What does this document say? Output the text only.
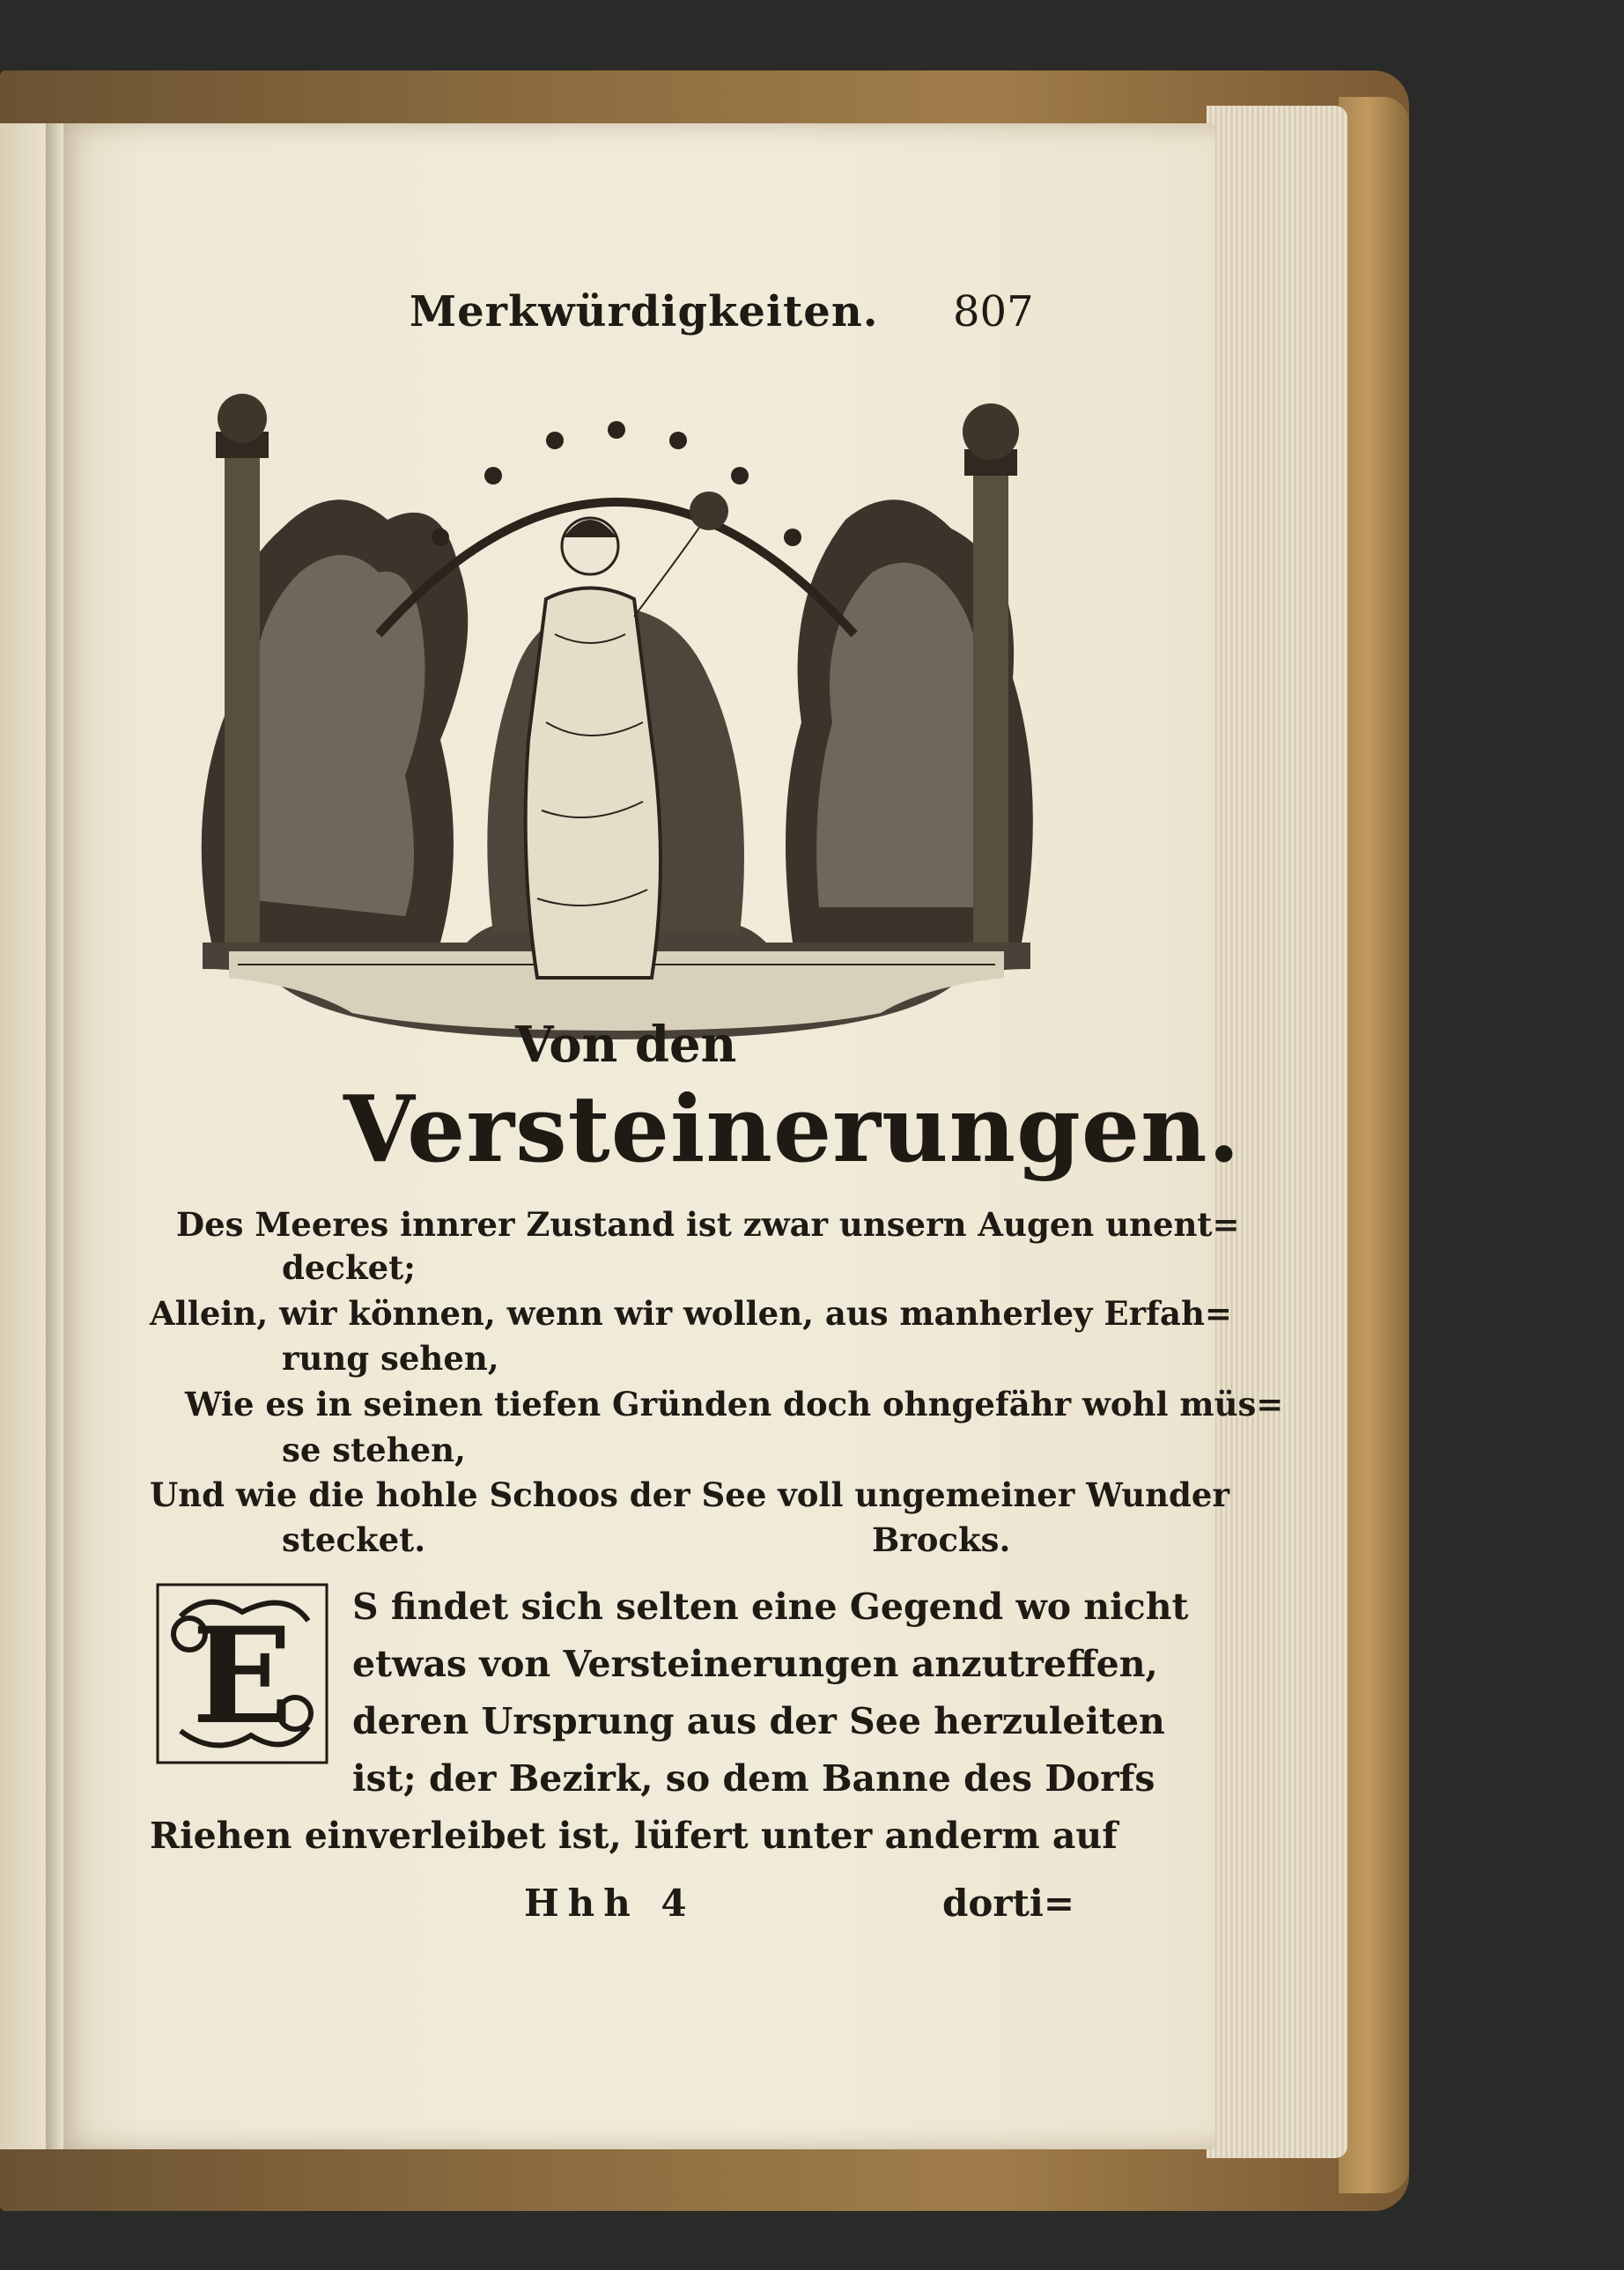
Merkwürdigkeiten. 807
Von den
Versteinerungen.
Des Meeres innrer Zustand ist zwar unsern Augen unent=
decket;
Allein, wir können, wenn wir wollen, aus manherley Erfah=
rung sehen,
Wie es in seinen tiefen Gründen doch ohngefähr wohl müs=
se stehen,
Und wie die hohle Schoos der See voll ungemeiner Wunder
stecket.	Brocks.
E S findet sich selten eine Gegend wo nicht
etwas von Versteinerungen anzutreffen,
deren Ursprung aus der See herzuleiten
ist; der Bezirk, so dem Banne des Dorfs
Riehen einverleibet ist, lüfert unter anderm auf
Hhh 4	dorti=
